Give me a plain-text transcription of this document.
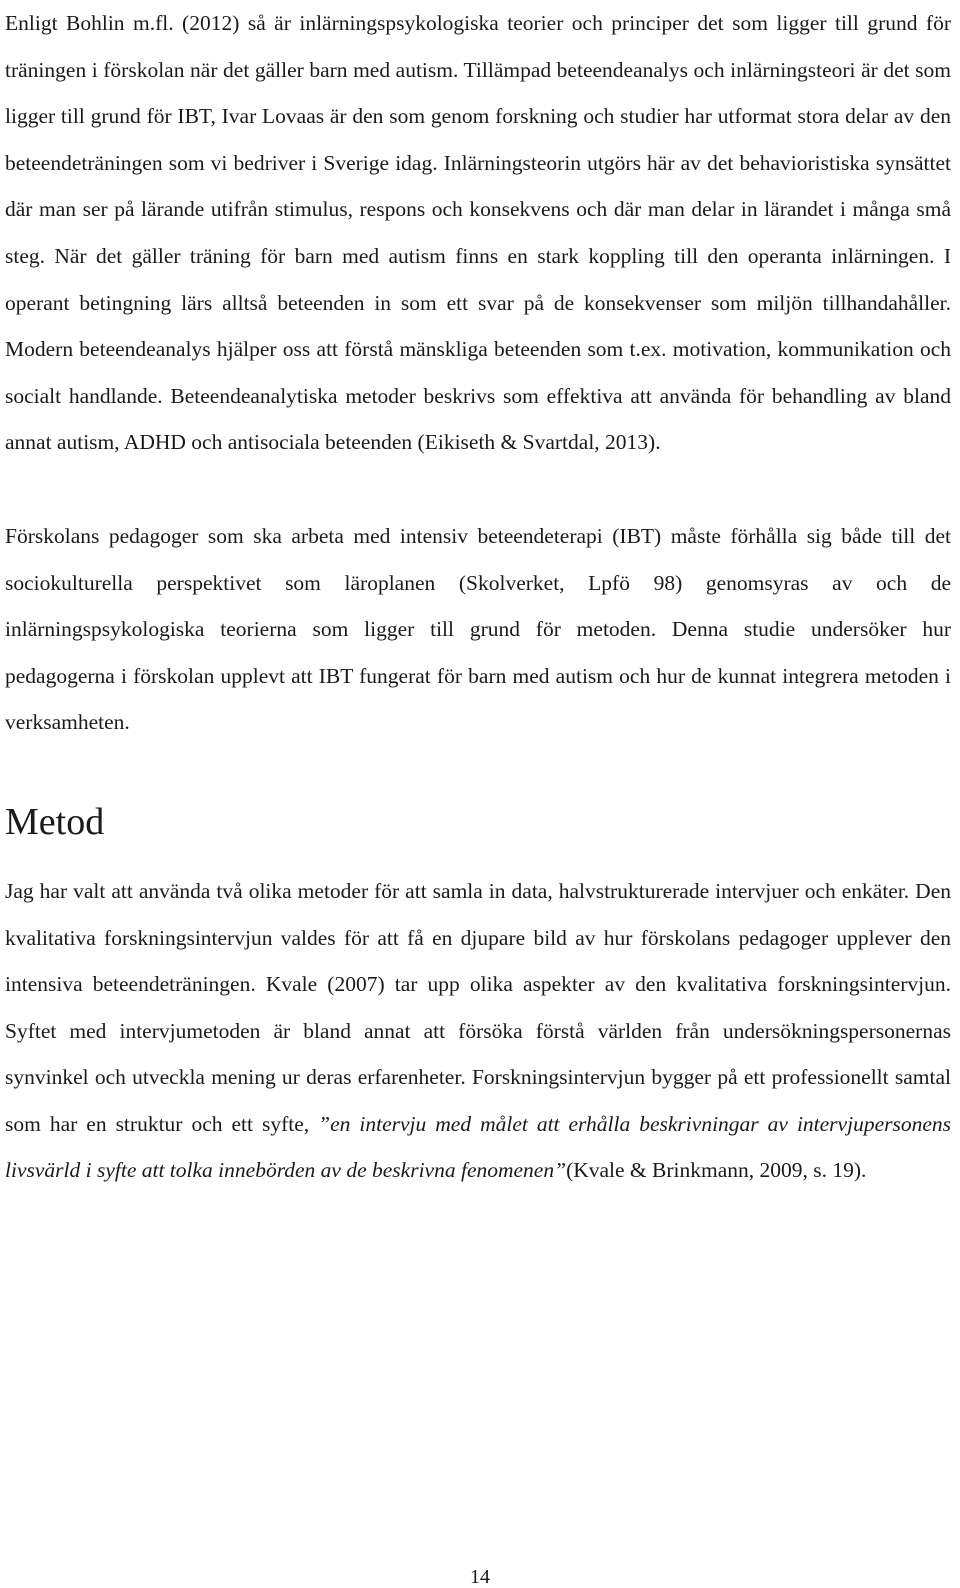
Enligt Bohlin m.fl. (2012) så är inlärningspsykologiska teorier och principer det som ligger till grund för träningen i förskolan när det gäller barn med autism. Tillämpad beteendeanalys och inlärningsteori är det som ligger till grund för IBT, Ivar Lovaas är den som genom forskning och studier har utformat stora delar av den beteendeträningen som vi bedriver i Sverige idag. Inlärningsteorin utgörs här av det behavioristiska synsättet där man ser på lärande utifrån stimulus, respons och konsekvens och där man delar in lärandet i många små steg. När det gäller träning för barn med autism finns en stark koppling till den operanta inlärningen. I operant betingning lärs alltså beteenden in som ett svar på de konsekvenser som miljön tillhandahåller. Modern beteendeanalys hjälper oss att förstå mänskliga beteenden som t.ex. motivation, kommunikation och socialt handlande. Beteendeanalytiska metoder beskrivs som effektiva att använda för behandling av bland annat autism, ADHD och antisociala beteenden (Eikiseth & Svartdal, 2013).

Förskolans pedagoger som ska arbeta med intensiv beteendeterapi (IBT) måste förhålla sig både till det sociokulturella perspektivet som läroplanen (Skolverket, Lpfö 98) genomsyras av och de inlärningspsykologiska teorierna som ligger till grund för metoden. Denna studie undersöker hur pedagogerna i förskolan upplevt att IBT fungerat för barn med autism och hur de kunnat integrera metoden i verksamheten.

Metod

Jag har valt att använda två olika metoder för att samla in data, halvstrukturerade intervjuer och enkäter. Den kvalitativa forskningsintervjun valdes för att få en djupare bild av hur förskolans pedagoger upplever den intensiva beteendeträningen. Kvale (2007) tar upp olika aspekter av den kvalitativa forskningsintervjun. Syftet med intervjumetoden är bland annat att försöka förstå världen från undersökningspersonernas synvinkel och utveckla mening ur deras erfarenheter. Forskningsintervjun bygger på ett professionellt samtal som har en struktur och ett syfte, ”en intervju med målet att erhålla beskrivningar av intervjupersonens livsvärld i syfte att tolka innebörden av de beskrivna fenomenen”(Kvale & Brinkmann, 2009, s. 19).

14
